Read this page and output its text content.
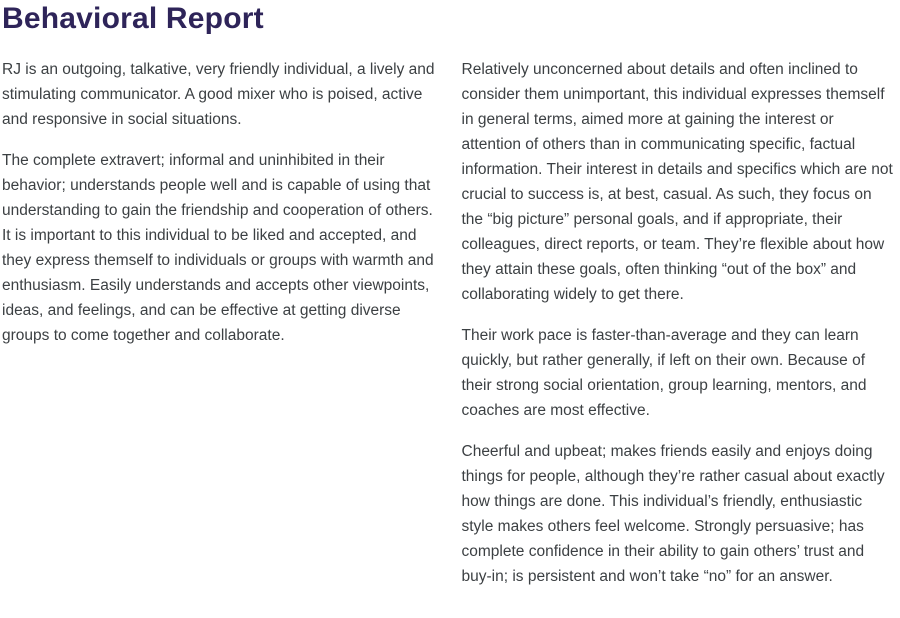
Behavioral Report

RJ is an outgoing, talkative, very friendly individual, a lively and stimulating communicator. A good mixer who is poised, active and responsive in social situations.

The complete extravert; informal and uninhibited in their behavior; understands people well and is capable of using that understanding to gain the friendship and cooperation of others. It is important to this individual to be liked and accepted, and they express themself to individuals or groups with warmth and enthusiasm. Easily understands and accepts other viewpoints, ideas, and feelings, and can be effective at getting diverse groups to come together and collaborate.

Relatively unconcerned about details and often inclined to consider them unimportant, this individual expresses themself in general terms, aimed more at gaining the interest or attention of others than in communicating specific, factual information. Their interest in details and specifics which are not crucial to success is, at best, casual. As such, they focus on the “big picture” personal goals, and if appropriate, their colleagues, direct reports, or team. They’re flexible about how they attain these goals, often thinking “out of the box” and collaborating widely to get there.

Their work pace is faster-than-average and they can learn quickly, but rather generally, if left on their own. Because of their strong social orientation, group learning, mentors, and coaches are most effective.

Cheerful and upbeat; makes friends easily and enjoys doing things for people, although they’re rather casual about exactly how things are done. This individual’s friendly, enthusiastic style makes others feel welcome. Strongly persuasive; has complete confidence in their ability to gain others’ trust and buy-in; is persistent and won’t take “no” for an answer.
